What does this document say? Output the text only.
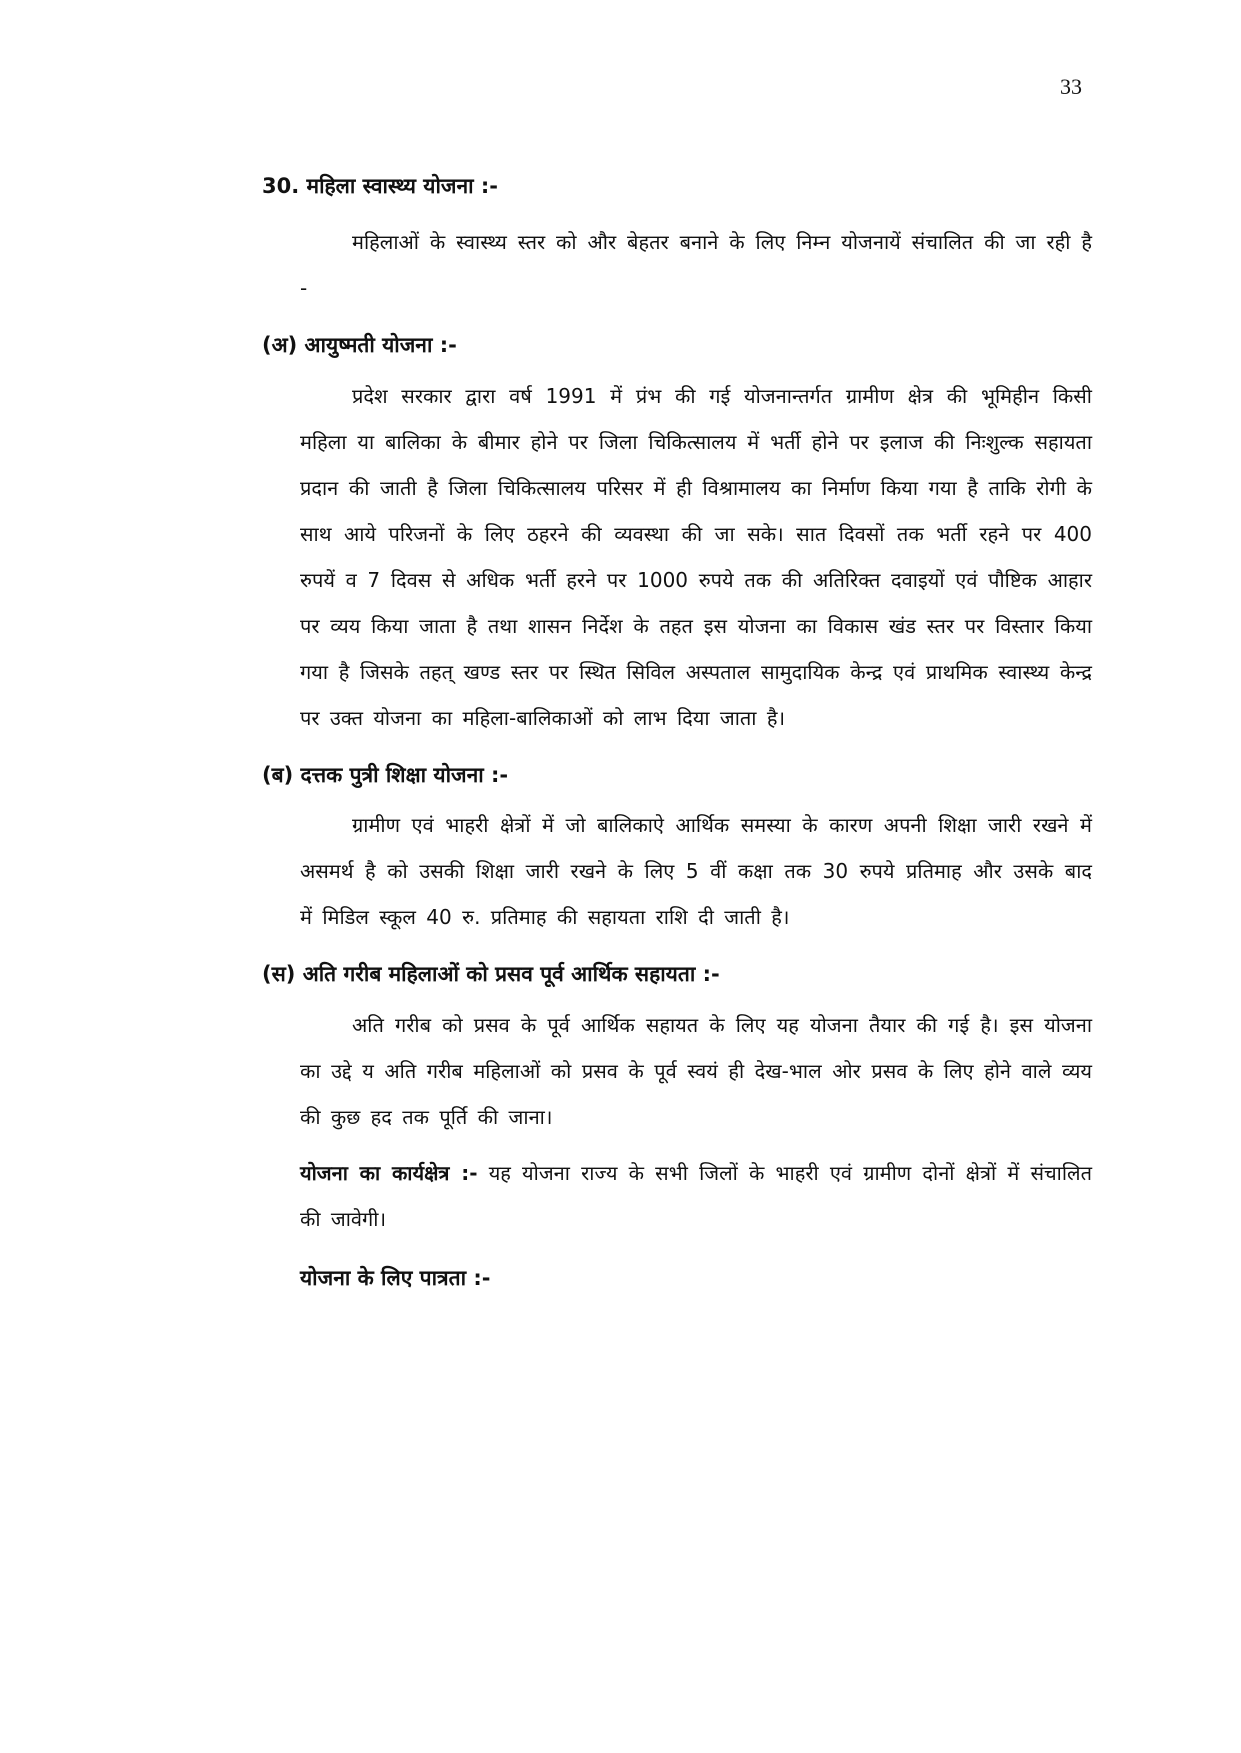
33
30. महिला स्वास्थ्य योजना :-

महिलाओं के स्वास्थ्य स्तर को और बेहतर बनाने के लिए निम्न योजनायें संचालित की जा रही है -

(अ) आयुष्मती योजना :-

प्रदेश सरकार द्वारा वर्ष 1991 में प्रंभ की गई योजनान्तर्गत ग्रामीण क्षेत्र की भूमिहीन किसी महिला या बालिका के बीमार होने पर जिला चिकित्सालय में भर्ती होने पर इलाज की निःशुल्क सहायता प्रदान की जाती है जिला चिकित्सालय परिसर में ही विश्रामालय का निर्माण किया गया है ताकि रोगी के साथ आये परिजनों के लिए ठहरने की व्यवस्था की जा सके। सात दिवसों तक भर्ती रहने पर 400 रुपयें व 7 दिवस से अधिक भर्ती हरने पर 1000 रुपये तक की अतिरिक्त दवाइयों एवं पौष्टिक आहार पर व्यय किया जाता है तथा शासन निर्देश के तहत इस योजना का विकास खंड स्तर पर विस्तार किया गया है जिसके तहत् खण्ड स्तर पर स्थित सिविल अस्पताल सामुदायिक केन्द्र एवं प्राथमिक स्वास्थ्य केन्द्र पर उक्त योजना का महिला-बालिकाओं को लाभ दिया जाता है।

(ब) दत्तक पुत्री शिक्षा योजना :-

ग्रामीण एवं भाहरी क्षेत्रों में जो बालिकाऐ आर्थिक समस्या के कारण अपनी शिक्षा जारी रखने में असमर्थ है को उसकी शिक्षा जारी रखने के लिए 5 वीं कक्षा तक 30 रुपये प्रतिमाह और उसके बाद में मिडिल स्कूल 40 रु. प्रतिमाह की सहायता राशि दी जाती है।

(स) अति गरीब महिलाओं को प्रसव पूर्व आर्थिक सहायता :-

अति गरीब को प्रसव के पूर्व आर्थिक सहायत के लिए यह योजना तैयार की गई है। इस योजना का उद्दे य अति गरीब महिलाओं को प्रसव के पूर्व स्वयं ही देख-भाल ओर प्रसव के लिए होने वाले व्यय की कुछ हद तक पूर्ति की जाना।

योजना का कार्यक्षेत्र :- यह योजना राज्य के सभी जिलों के भाहरी एवं ग्रामीण दोनों क्षेत्रों में संचालित की जावेगी।

योजना के लिए पात्रता :-
